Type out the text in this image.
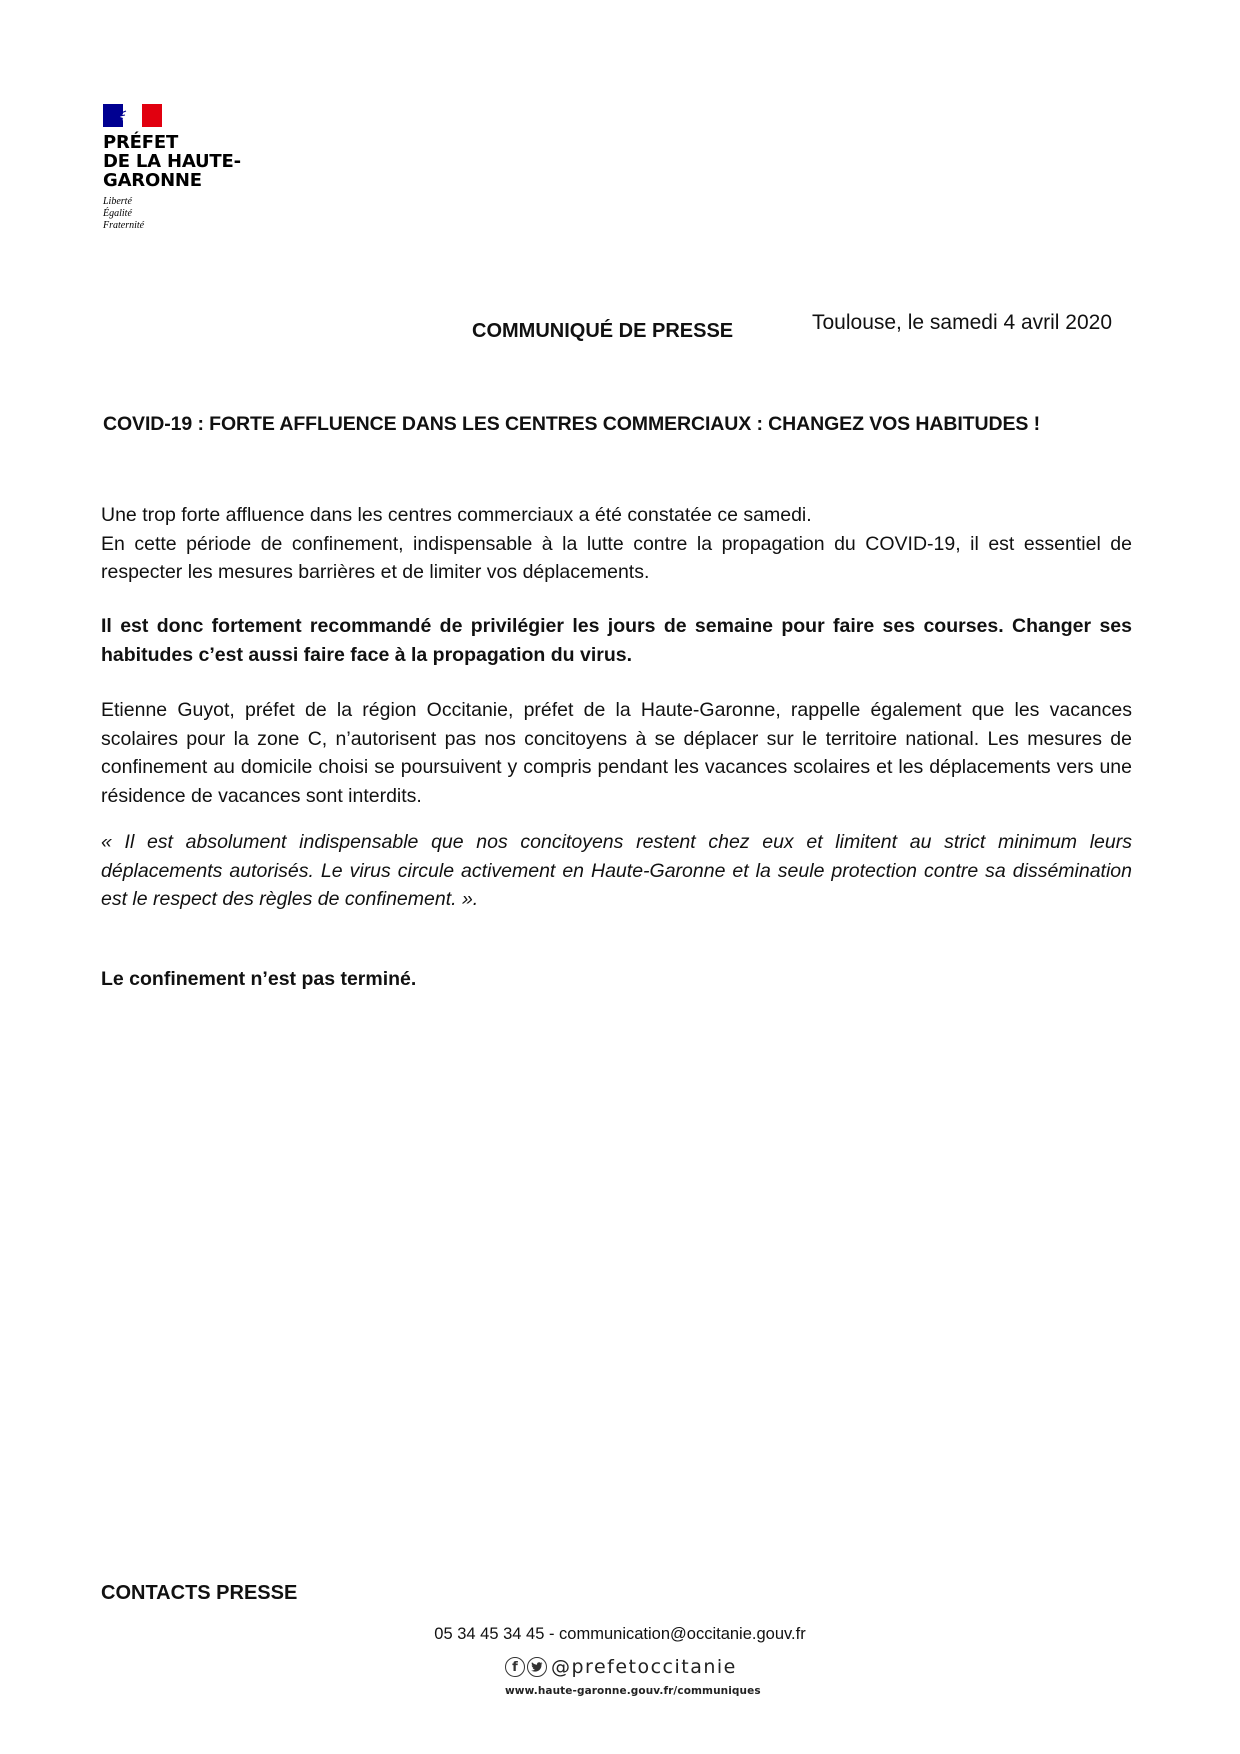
PRÉFET
DE LA HAUTE-
GARONNE
Liberté
Égalité
Fraternité
COMMUNIQUÉ DE PRESSE	Toulouse, le samedi 4 avril 2020
COVID-19 : FORTE AFFLUENCE DANS LES CENTRES COMMERCIAUX : CHANGEZ VOS HABITUDES !

Une trop forte affluence dans les centres commerciaux a été constatée ce samedi.

En cette période de confinement, indispensable à la lutte contre la propagation du COVID-19, il est essentiel de respecter les mesures barrières et de limiter vos déplacements.

Il est donc fortement recommandé de privilégier les jours de semaine pour faire ses courses. Changer ses habitudes c’est aussi faire face à la propagation du virus.

Etienne Guyot, préfet de la région Occitanie, préfet de la Haute-Garonne, rappelle également que les vacances scolaires pour la zone C, n’autorisent pas nos concitoyens à se déplacer sur le territoire national. Les mesures de confinement au domicile choisi se poursuivent y compris pendant les vacances scolaires et les déplacements vers une résidence de vacances sont interdits.

« Il est absolument indispensable que nos concitoyens restent chez eux et limitent au strict minimum leurs déplacements autorisés. Le virus circule activement en Haute-Garonne et la seule protection contre sa dissémination est le respect des règles de confinement. ».

Le confinement n’est pas terminé.

CONTACTS PRESSE
05 34 45 34 45 - communication@occitanie.gouv.fr
f	@prefetoccitanie
www.haute-garonne.gouv.fr/communiques
